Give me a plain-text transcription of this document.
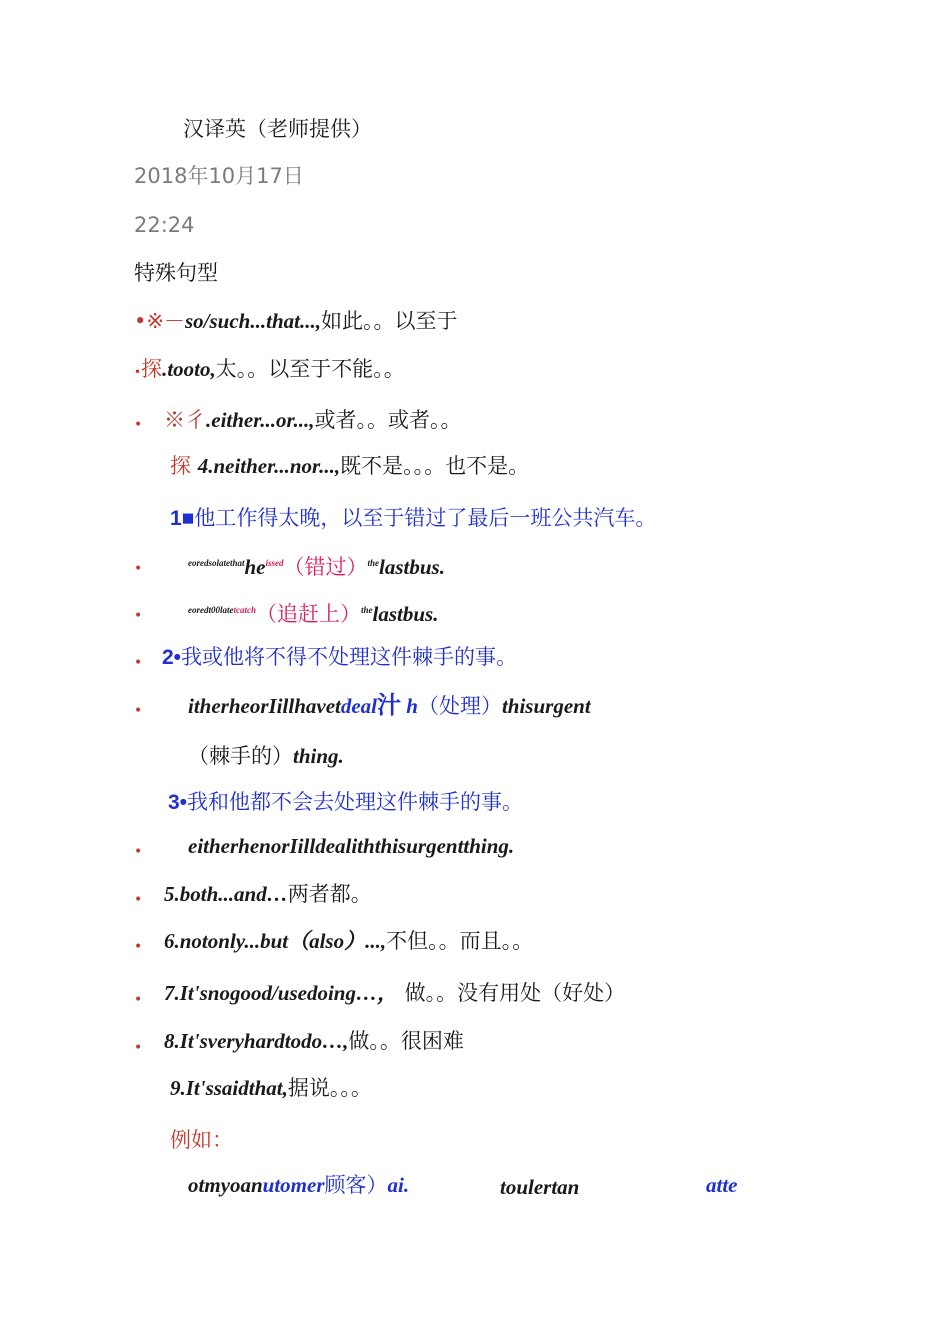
汉译英（老师提供）
2018年10月17日
22:24
特殊句型
•※－so/such...that...,如此。。以至于
•探.tooto,太。。以至于不能。。
• ※彳.either...or...,或者。。或者。。
探 4.neither...nor...,既不是。。。也不是。
1■他工作得太晚，以至于错过了最后一班公共汽车。
•	$^{eoredsolatethat}he^{issed}$（错过）$^{the}$lastbus.
•	$^{eoredt00latetcatch}$（追赶上）$^{the}$lastbus.
• 2•我或他将不得不处理这件棘手的事。
• itherheorIillhavetdeal汁 h（处理）thisurgent
（棘手的）thing.
3•我和他都不会去处理这件棘手的事。
• eitherhenorIilldealiththisurgentthing.
• 5.both...and…两者都。
• 6.notonly...but（also）...,不但。。而且。。
• 7.It'snogood/usedoing…， 做。。没有用处（好处）
• 8.It'sveryhardtodo…,做。。很困难
9.It'ssaidthat,据说。。。
例如：
otmyoanutomer顾客）ai.	toulertan	atte
